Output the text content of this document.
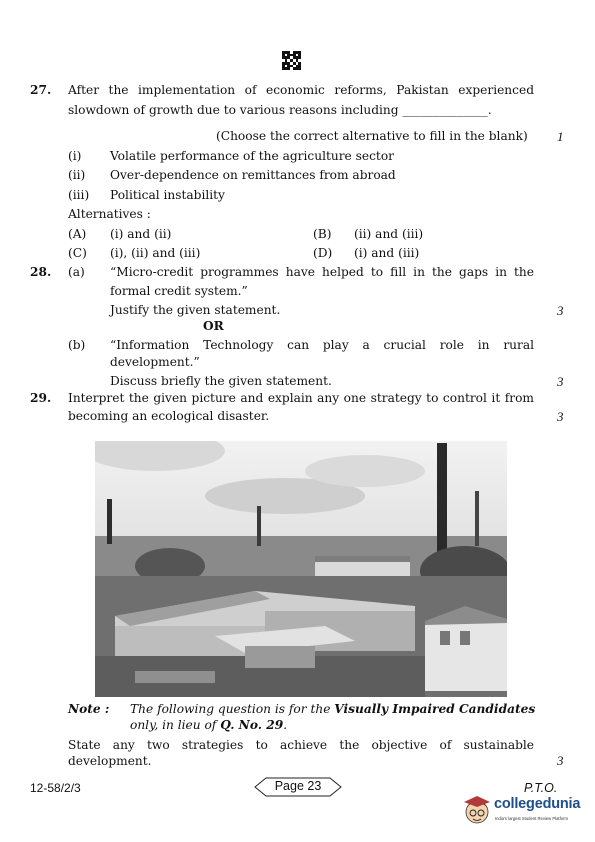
27. After the implementation of economic reforms, Pakistan experienced
slowdown of growth due to various reasons including ______________.
(Choose the correct alternative to fill in the blank) 1
(i) Volatile performance of the agriculture sector
(ii) Over-dependence on remittances from abroad
(iii) Political instability
Alternatives :
(A) (i) and (ii)	(B) (ii) and (iii)
(C) (i), (ii) and (iii)	(D) (i) and (iii)
28. (a) “Micro-credit programmes have helped to fill in the gaps in the
formal credit system.”
Justify the given statement.	3
OR
(b) “Information Technology can play a crucial role in rural
development.”
Discuss briefly the given statement.	3
29. Interpret the given picture and explain any one strategy to control it from
becoming an ecological disaster.	3
Note : The following question is for the Visually Impaired Candidates
only, in lieu of Q. No. 29.
State any two strategies to achieve the objective of sustainable
development.	3
12-58/2/3	Page 23	P.T.O.
collegedunia
India's largest Student Review Platform
